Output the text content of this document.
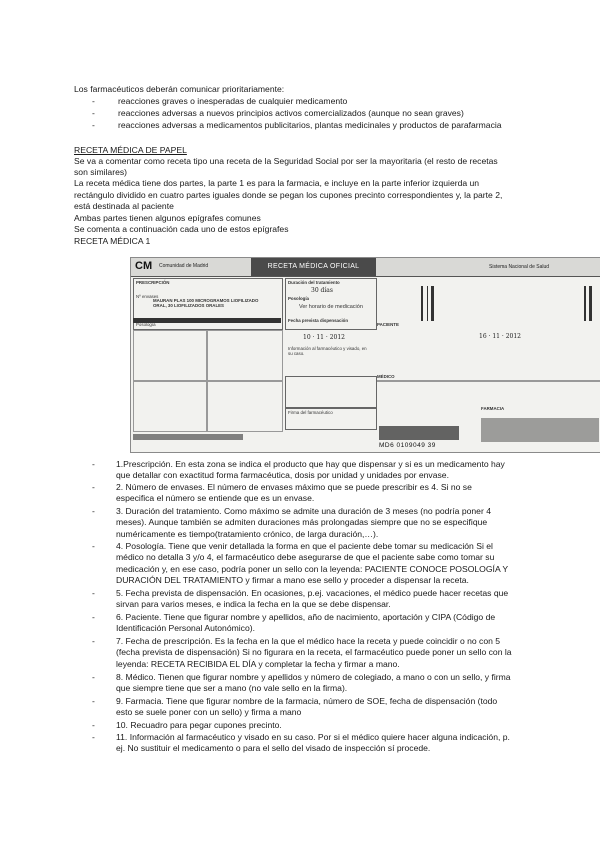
Los farmacéuticos deberán comunicar prioritariamente:
-	reacciones graves o inesperadas de cualquier medicamento
-	reacciones adversas a nuevos principios activos comercializados (aunque no sean graves)
-	reacciones adversas a medicamentos publicitarios, plantas medicinales y productos de parafarmacia
RECETA MÉDICA DE PAPEL
Se va a comentar como receta tipo una receta de la Seguridad Social por ser la mayoritaria (el resto de recetas
son similares)
La receta médica tiene dos partes, la parte 1 es para la farmacia, e incluye en la parte inferior izquierda un
rectángulo dividido en cuatro partes iguales donde se pegan los cupones precinto correspondientes y, la parte 2,
está destinada al paciente
Ambas partes tienen algunos epígrafes comunes
Se comenta a continuación cada uno de estos epígrafes
RECETA MÉDICA 1
CM Comunidad de Madrid	RECETA MÉDICA OFICIAL	Sistema Nacional de Salud
PRESCRIPCIÓN
Nº envases
MAURAN PLAS 100 MICROGRAMOS LIOFILIZADO ORAL, 30 LIOFILIZADOS ORALES
Posología
Duración del tratamiento
30 días
Posología
Ver horario de medicación
Fecha prevista dispensación
10 · 11 · 2012
Información al farmacéutico y visado, en su caso.
Firma del farmacéutico
PACIENTE
16 · 11 · 2012
MÉDICO
FARMACIA
MD6 0109049 39
- 1.Prescripción. En esta zona se indica el producto que hay que dispensar y si es un medicamento hay que detallar con exactitud forma farmacéutica, dosis por unidad y unidades por envase.
- 2. Número de envases. El número de envases máximo que se puede prescribir es 4. Si no se especifica el número se entiende que es un envase.
- 3. Duración del tratamiento. Como máximo se admite una duración de 3 meses (no podría poner 4 meses). Aunque también se admiten duraciones más prolongadas siempre que no se especifique numéricamente es tiempo(tratamiento crónico, de larga duración,…).
- 4. Posología. Tiene que venir detallada la forma en que el paciente debe tomar su medicación Si el médico no detalla 3 y/o 4, el farmacéutico debe asegurarse de que el paciente sabe como tomar su medicación y, en ese caso, podría poner un sello con la leyenda: PACIENTE CONOCE POSOLOGÍA Y DURACIÓN DEL TRATAMIENTO y firmar a mano ese sello y proceder a dispensar la receta.
- 5. Fecha prevista de dispensación. En ocasiones, p.ej. vacaciones, el médico puede hacer recetas que sirvan para varios meses, e indica la fecha en la que se debe dispensar.
- 6. Paciente. Tiene que figurar nombre y apellidos, año de nacimiento, aportación y CIPA (Código de Identificación Personal Autonómico).
- 7. Fecha de prescripción. Es la fecha en la que el médico hace la receta y puede coincidir o no con 5 (fecha prevista de dispensación) Si no figurara en la receta, el farmacéutico puede poner un sello con la leyenda: RECETA RECIBIDA EL DÍA y completar la fecha y firmar a mano.
- 8. Médico. Tienen que figurar nombre y apellidos y número de colegiado, a mano o con un sello, y firma que siempre tiene que ser a mano (no vale sello en la firma).
- 9. Farmacia. Tiene que figurar nombre de la farmacia, número de SOE, fecha de dispensación (todo esto se suele poner con un sello) y firma a mano
- 10. Recuadro para pegar cupones precinto.
- 11. Información al farmacéutico y visado en su caso. Por si el médico quiere hacer alguna indicación, p. ej. No sustituir el medicamento o para el sello del visado de inspección sí procede.
